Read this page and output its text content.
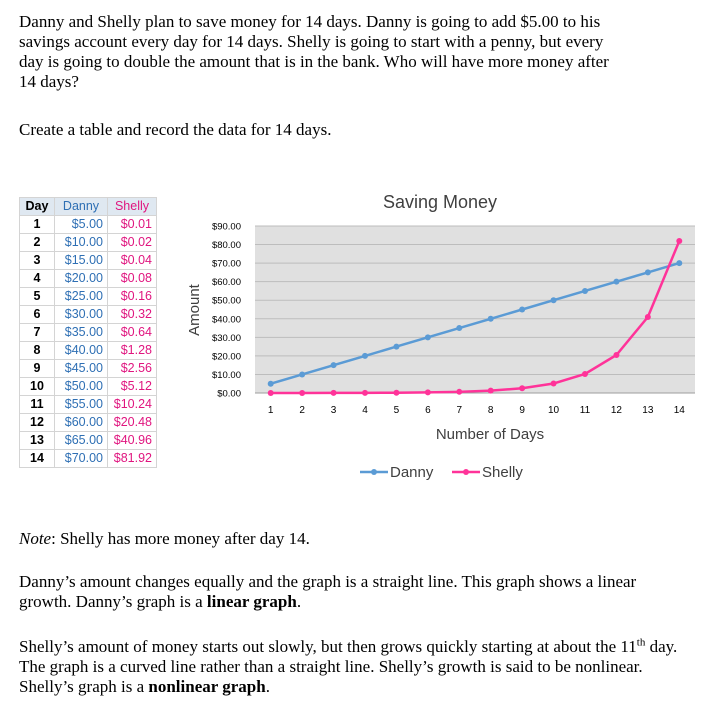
Danny and Shelly plan to save money for 14 days. Danny is going to add $5.00 to his savings account every day for 14 days. Shelly is going to start with a penny, but every day is going to double the amount that is in the bank. Who will have more money after 14 days?

Create a table and record the data for 14 days.

Day	Danny	Shelly
1	$5.00	$0.01
2	$10.00	$0.02
3	$15.00	$0.04
4	$20.00	$0.08
5	$25.00	$0.16
6	$30.00	$0.32
7	$35.00	$0.64
8	$40.00	$1.28
9	$45.00	$2.56
10	$50.00	$5.12
11	$55.00	$10.24
12	$60.00	$20.48
13	$65.00	$40.96
14	$70.00	$81.92
Saving Money
$0.00
$10.00
$20.00
$30.00
$40.00
$50.00
$60.00
$70.00
$80.00
$90.00
1	2	3	4	5	6	7	8	9 10 11 12 13 14
Number of Days
Amount
Danny	Shelly

Note: Shelly has more money after day 14.

Danny’s amount changes equally and the graph is a straight line. This graph shows a linear growth. Danny’s graph is a linear graph.

Shelly’s amount of money starts out slowly, but then grows quickly starting at about the 11th day. The graph is a curved line rather than a straight line. Shelly’s growth is said to be nonlinear. Shelly’s graph is a nonlinear graph.
